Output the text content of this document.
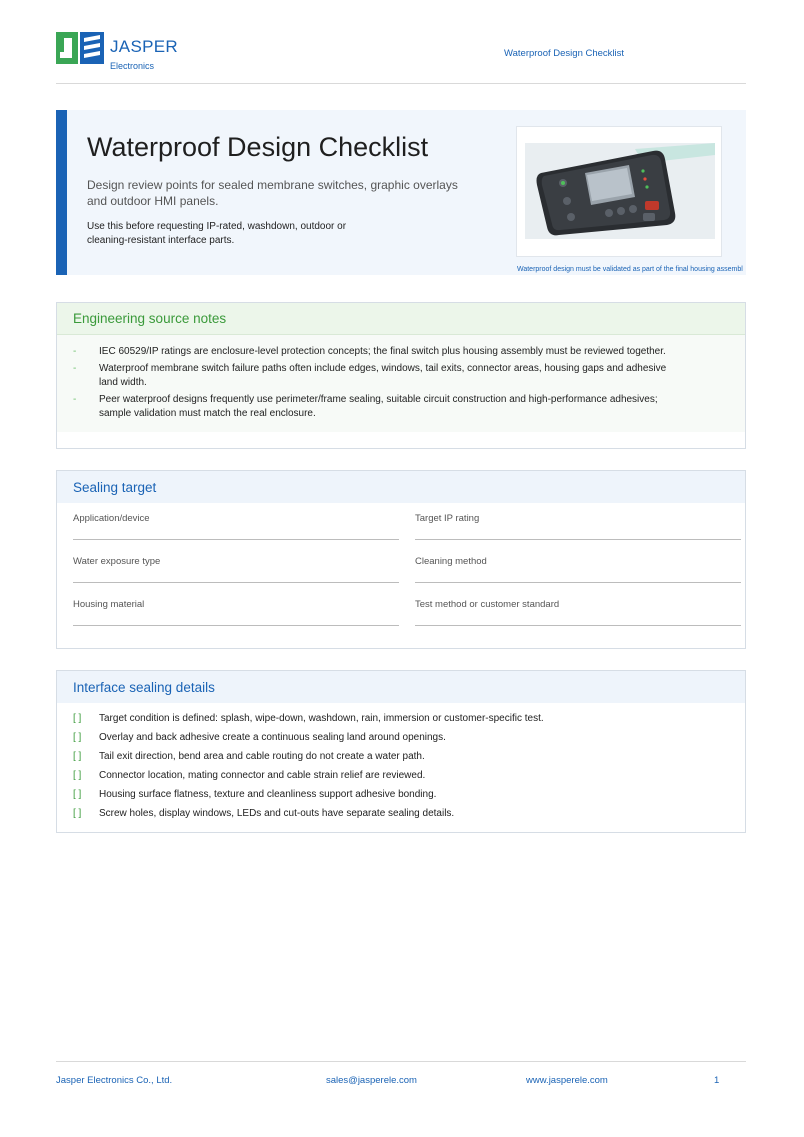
JASPER
Electronics
Waterproof Design Checklist
Waterproof Design Checklist
Design review points for sealed membrane switches, graphic overlays and outdoor HMI panels.
Use this before requesting IP-rated, washdown, outdoor or cleaning-resistant interface parts.
Waterproof design must be validated as part of the final housing assembl
Engineering source notes
- IEC 60529/IP ratings are enclosure-level protection concepts; the final switch plus housing assembly must be reviewed together.
- Waterproof membrane switch failure paths often include edges, windows, tail exits, connector areas, housing gaps and adhesive land width.
- Peer waterproof designs frequently use perimeter/frame sealing, suitable circuit construction and high-performance adhesives; sample validation must match the real enclosure.
Sealing target
Application/device	Target IP rating
Water exposure type	Cleaning method
Housing material	Test method or customer standard
Interface sealing details
[ ] Target condition is defined: splash, wipe-down, washdown, rain, immersion or customer-specific test.
[ ] Overlay and back adhesive create a continuous sealing land around openings.
[ ] Tail exit direction, bend area and cable routing do not create a water path.
[ ] Connector location, mating connector and cable strain relief are reviewed.
[ ] Housing surface flatness, texture and cleanliness support adhesive bonding.
[ ] Screw holes, display windows, LEDs and cut-outs have separate sealing details.
Jasper Electronics Co., Ltd.	sales@jasperele.com	www.jasperele.com	1
